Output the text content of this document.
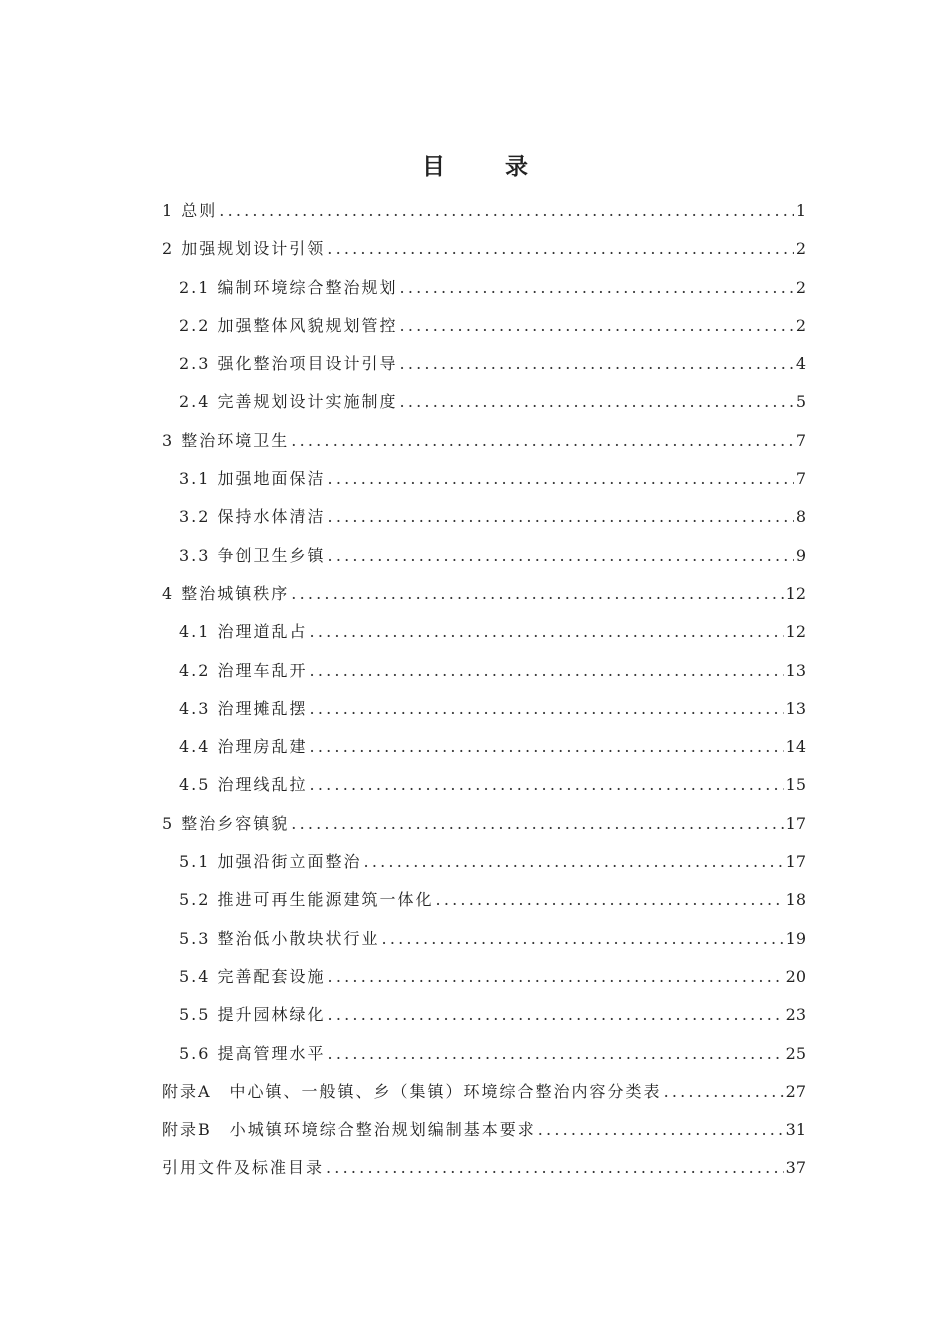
目 录
1 总则 .....	1
2 加强规划设计引领 .....	2
2.1 编制环境综合整治规划 .....	2
2.2 加强整体风貌规划管控 .....	2
2.3 强化整治项目设计引导 .....	4
2.4 完善规划设计实施制度 .....	5
3 整治环境卫生 .....	7
3.1 加强地面保洁 .....	7
3.2 保持水体清洁 .....	8
3.3 争创卫生乡镇 .....	9
4 整治城镇秩序 .....	12
4.1 治理道乱占 .....	12
4.2 治理车乱开 .....	13
4.3 治理摊乱摆 .....	13
4.4 治理房乱建 .....	14
4.5 治理线乱拉 .....	15
5 整治乡容镇貌 .....	17
5.1 加强沿街立面整治 .....	17
5.2 推进可再生能源建筑一体化 .....	18
5.3 整治低小散块状行业 .....	19
5.4 完善配套设施 .....	20
5.5 提升园林绿化 .....	23
5.6 提高管理水平 .....	25
附录A　中心镇、一般镇、乡（集镇）环境综合整治内容分类表 .....	27
附录B　小城镇环境综合整治规划编制基本要求 .....	31
引用文件及标准目录 .....	37
